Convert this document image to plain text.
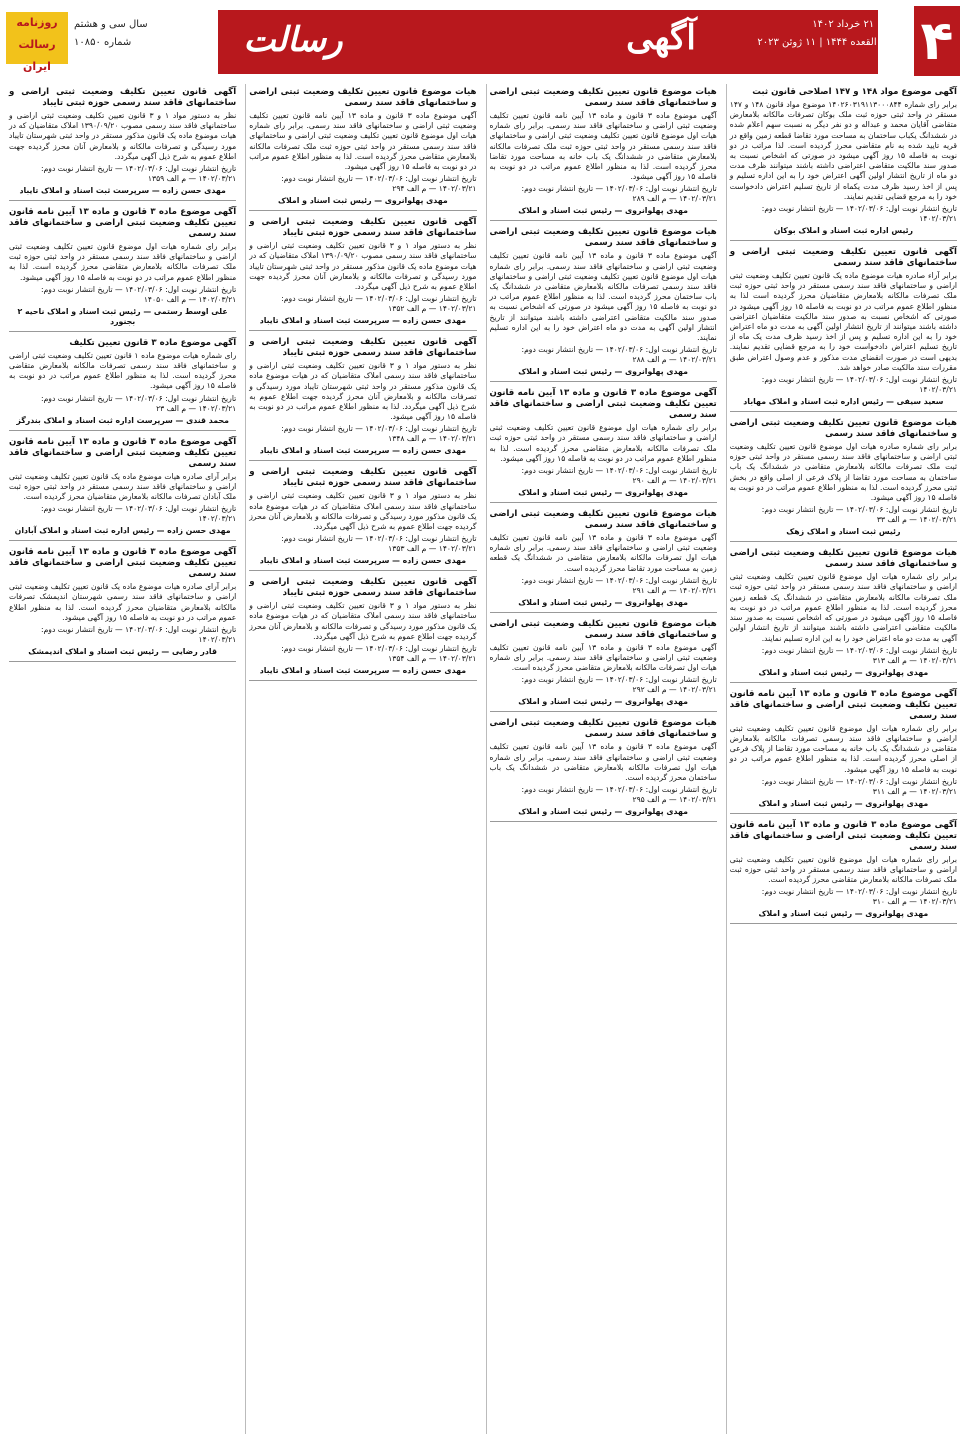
۴
آگهی
رسالت	یکشنبه ۲۱ خرداد ۱۴۰۲
۲۲ ذی القعده ۱۴۴۴ | ۱۱ ژوئن ۲۰۲۳
روزنامه رسالت ایران
سال سی و هشتم
شماره ۱۰۸۵۰
آگهی موضوع مواد ۱۴۸ و ۱۴۷ اصلاحی قانون ثبت
برابر رای شماره ۱۴۰۲۶۰۳۱۹۱۱۳۰۰۰۸۴۴ موضوع مواد قانون ۱۴۸ و ۱۴۷ مستقر در واحد ثبتی حوزه ثبت ملک بوکان تصرفات مالکانه بلامعارض متقاضی آقایان محمد و عبداله و دو نفر دیگر به نسبت سهم اعلام شده در ششدانگ یکباب ساختمان به مساحت مورد تقاضا قطعه زمین واقع در قریه تایید شده به نام متقاضی محرز گردیده است. لذا مراتب در دو نوبت به فاصله ۱۵ روز آگهی میشود در صورتی که اشخاص نسبت به صدور سند مالکیت متقاضی اعتراضی داشته باشند میتوانند ظرف مدت دو ماه از تاریخ انتشار اولین آگهی اعتراض خود را به این اداره تسلیم و پس از اخذ رسید ظرف مدت یکماه از تاریخ تسلیم اعتراض دادخواست خود را به مرجع قضایی تقدیم نمایند.
تاریخ انتشار نوبت اول: ۱۴۰۲/۰۳/۰۶ — تاریخ انتشار نوبت دوم: ۱۴۰۲/۰۳/۲۱
رئیس اداره ثبت اسناد و املاک بوکان
آگهی قانون تعیین تکلیف وضعیت ثبتی اراضی و ساختمانهای فاقد سند رسمی
برابر آراء صادره هیات موضوع ماده یک قانون تعیین تکلیف وضعیت ثبتی اراضی و ساختمانهای فاقد سند رسمی مستقر در واحد ثبتی حوزه ثبت ملک تصرفات مالکانه بلامعارض متقاضیان محرز گردیده است لذا به منظور اطلاع عموم مراتب در دو نوبت به فاصله ۱۵ روز آگهی میشود در صورتی که اشخاص نسبت به صدور سند مالکیت متقاضیان اعتراضی داشته باشند میتوانند از تاریخ انتشار اولین آگهی به مدت دو ماه اعتراض خود را به این اداره تسلیم و پس از اخذ رسید ظرف مدت یک ماه از تاریخ تسلیم اعتراض دادخواست خود را به مرجع قضایی تقدیم نمایند. بدیهی است در صورت انقضای مدت مذکور و عدم وصول اعتراض طبق مقررات سند مالکیت صادر خواهد شد.
تاریخ انتشار نوبت اول: ۱۴۰۲/۰۳/۰۶ — تاریخ انتشار نوبت دوم: ۱۴۰۲/۰۳/۲۱
سعید سیفی — رئیس اداره ثبت اسناد و املاک مهاباد
هیات موضوع قانون تعیین تکلیف وضعیت ثبتی اراضی و ساختمانهای فاقد سند رسمی
برابر رای شماره صادره هیات اول موضوع قانون تعیین تکلیف وضعیت ثبتی اراضی و ساختمانهای فاقد سند رسمی مستقر در واحد ثبتی حوزه ثبت ملک تصرفات مالکانه بلامعارض متقاضی در ششدانگ یک باب ساختمان به مساحت مورد تقاضا از پلاک فرعی از اصلی واقع در بخش ثبتی محرز گردیده است. لذا به منظور اطلاع عموم مراتب در دو نوبت به فاصله ۱۵ روز آگهی میشود.
تاریخ انتشار نوبت اول: ۱۴۰۲/۰۳/۰۶ — تاریخ انتشار نوبت دوم: ۱۴۰۲/۰۳/۲۱ — م الف ۳۳
رئیس ثبت اسناد و املاک زهک
هیات موضوع قانون تعیین تکلیف وضعیت ثبتی اراضی و ساختمانهای فاقد سند رسمی
برابر رای شماره هیات اول موضوع قانون تعیین تکلیف وضعیت ثبتی اراضی و ساختمانهای فاقد سند رسمی مستقر در واحد ثبتی حوزه ثبت ملک تصرفات مالکانه بلامعارض متقاضی در ششدانگ یک قطعه زمین محرز گردیده است. لذا به منظور اطلاع عموم مراتب در دو نوبت به فاصله ۱۵ روز آگهی میشود در صورتی که اشخاص نسبت به صدور سند مالکیت متقاضی اعتراضی داشته باشند میتوانند از تاریخ انتشار اولین آگهی به مدت دو ماه اعتراض خود را به این اداره تسلیم نمایند.
تاریخ انتشار نوبت اول: ۱۴۰۲/۰۳/۰۶ — تاریخ انتشار نوبت دوم: ۱۴۰۲/۰۳/۲۱ — م الف ۳۱۳
مهدی پهلوانروی — رئیس ثبت اسناد و املاک
آگهی موضوع ماده ۳ قانون و ماده ۱۳ آیین نامه قانون تعیین تکلیف وضعیت ثبتی اراضی و ساختمانهای فاقد سند رسمی
برابر رای شماره هیات اول موضوع قانون تعیین تکلیف وضعیت ثبتی اراضی و ساختمانهای فاقد سند رسمی تصرفات مالکانه بلامعارض متقاضی در ششدانگ یک باب خانه به مساحت مورد تقاضا از پلاک فرعی از اصلی محرز گردیده است. لذا به منظور اطلاع عموم مراتب در دو نوبت به فاصله ۱۵ روز آگهی میشود.
تاریخ انتشار نوبت اول: ۱۴۰۲/۰۳/۰۶ — تاریخ انتشار نوبت دوم: ۱۴۰۲/۰۳/۲۱ — م الف ۳۱۱
مهدی پهلوانروی — رئیس ثبت اسناد و املاک
آگهی موضوع ماده ۳ قانون و ماده ۱۳ آیین نامه قانون تعیین تکلیف وضعیت ثبتی اراضی و ساختمانهای فاقد سند رسمی
برابر رای شماره هیات اول موضوع قانون تعیین تکلیف وضعیت ثبتی اراضی و ساختمانهای فاقد سند رسمی مستقر در واحد ثبتی حوزه ثبت ملک تصرفات مالکانه بلامعارض متقاضی محرز گردیده است.
تاریخ انتشار نوبت اول: ۱۴۰۲/۰۳/۰۶ — تاریخ انتشار نوبت دوم: ۱۴۰۲/۰۳/۲۱ — م الف ۳۱۰
مهدی پهلوانروی — رئیس ثبت اسناد و املاک
هیات موضوع قانون تعیین تکلیف وضعیت ثبتی اراضی و ساختمانهای فاقد سند رسمی
آگهی موضوع ماده ۳ قانون و ماده ۱۳ آیین نامه قانون تعیین تکلیف وضعیت ثبتی اراضی و ساختمانهای فاقد سند رسمی. برابر رای شماره هیات اول موضوع قانون تعیین تکلیف وضعیت ثبتی اراضی و ساختمانهای فاقد سند رسمی مستقر در واحد ثبتی حوزه ثبت ملک تصرفات مالکانه بلامعارض متقاضی در ششدانگ یک باب خانه به مساحت مورد تقاضا محرز گردیده است. لذا به منظور اطلاع عموم مراتب در دو نوبت به فاصله ۱۵ روز آگهی میشود.
تاریخ انتشار نوبت اول: ۱۴۰۲/۰۳/۰۶ — تاریخ انتشار نوبت دوم: ۱۴۰۲/۰۳/۲۱ — م الف ۲۸۹
مهدی پهلوانروی — رئیس ثبت اسناد و املاک
هیات موضوع قانون تعیین تکلیف وضعیت ثبتی اراضی و ساختمانهای فاقد سند رسمی
آگهی موضوع ماده ۳ قانون و ماده ۱۳ آیین نامه قانون تعیین تکلیف وضعیت ثبتی اراضی و ساختمانهای فاقد سند رسمی. برابر رای شماره هیات اول موضوع قانون تعیین تکلیف وضعیت ثبتی اراضی و ساختمانهای فاقد سند رسمی تصرفات مالکانه بلامعارض متقاضی در ششدانگ یک باب ساختمان محرز گردیده است. لذا به منظور اطلاع عموم مراتب در دو نوبت به فاصله ۱۵ روز آگهی میشود در صورتی که اشخاص نسبت به صدور سند مالکیت متقاضی اعتراضی داشته باشند میتوانند از تاریخ انتشار اولین آگهی به مدت دو ماه اعتراض خود را به این اداره تسلیم نمایند.
تاریخ انتشار نوبت اول: ۱۴۰۲/۰۳/۰۶ — تاریخ انتشار نوبت دوم: ۱۴۰۲/۰۳/۲۱ — م الف ۲۸۸
مهدی پهلوانروی — رئیس ثبت اسناد و املاک
آگهی موضوع ماده ۳ قانون و ماده ۱۳ آیین نامه قانون تعیین تکلیف وضعیت ثبتی اراضی و ساختمانهای فاقد سند رسمی
برابر رای شماره هیات اول موضوع قانون تعیین تکلیف وضعیت ثبتی اراضی و ساختمانهای فاقد سند رسمی مستقر در واحد ثبتی حوزه ثبت ملک تصرفات مالکانه بلامعارض متقاضی محرز گردیده است. لذا به منظور اطلاع عموم مراتب در دو نوبت به فاصله ۱۵ روز آگهی میشود.
تاریخ انتشار نوبت اول: ۱۴۰۲/۰۳/۰۶ — تاریخ انتشار نوبت دوم: ۱۴۰۲/۰۳/۲۱ — م الف ۲۹۰
مهدی پهلوانروی — رئیس ثبت اسناد و املاک
هیات موضوع قانون تعیین تکلیف وضعیت ثبتی اراضی و ساختمانهای فاقد سند رسمی
آگهی موضوع ماده ۳ قانون و ماده ۱۳ آیین نامه قانون تعیین تکلیف وضعیت ثبتی اراضی و ساختمانهای فاقد سند رسمی. برابر رای شماره هیات اول تصرفات مالکانه بلامعارض متقاضی در ششدانگ یک قطعه زمین به مساحت مورد تقاضا محرز گردیده است.
تاریخ انتشار نوبت اول: ۱۴۰۲/۰۳/۰۶ — تاریخ انتشار نوبت دوم: ۱۴۰۲/۰۳/۲۱ — م الف ۲۹۱
مهدی پهلوانروی — رئیس ثبت اسناد و املاک
هیات موضوع قانون تعیین تکلیف وضعیت ثبتی اراضی و ساختمانهای فاقد سند رسمی
آگهی موضوع ماده ۳ قانون و ماده ۱۳ آیین نامه قانون تعیین تکلیف وضعیت ثبتی اراضی و ساختمانهای فاقد سند رسمی. برابر رای شماره هیات اول تصرفات مالکانه بلامعارض متقاضی محرز گردیده است.
تاریخ انتشار نوبت اول: ۱۴۰۲/۰۳/۰۶ — تاریخ انتشار نوبت دوم: ۱۴۰۲/۰۳/۲۱ — م الف ۲۹۲
مهدی پهلوانروی — رئیس ثبت اسناد و املاک
هیات موضوع قانون تعیین تکلیف وضعیت ثبتی اراضی و ساختمانهای فاقد سند رسمی
آگهی موضوع ماده ۳ قانون و ماده ۱۳ آیین نامه قانون تعیین تکلیف وضعیت ثبتی اراضی و ساختمانهای فاقد سند رسمی. برابر رای شماره هیات اول تصرفات مالکانه بلامعارض متقاضی در ششدانگ یک باب ساختمان محرز گردیده است.
تاریخ انتشار نوبت اول: ۱۴۰۲/۰۳/۰۶ — تاریخ انتشار نوبت دوم: ۱۴۰۲/۰۳/۲۱ — م الف ۲۹۵
مهدی پهلوانروی — رئیس ثبت اسناد و املاک
هیات موضوع قانون تعیین تکلیف وضعیت ثبتی اراضی و ساختمانهای فاقد سند رسمی
آگهی موضوع ماده ۳ قانون و ماده ۱۳ آیین نامه قانون تعیین تکلیف وضعیت ثبتی اراضی و ساختمانهای فاقد سند رسمی. برابر رای شماره هیات اول موضوع قانون تعیین تکلیف وضعیت ثبتی اراضی و ساختمانهای فاقد سند رسمی مستقر در واحد ثبتی حوزه ثبت ملک تصرفات مالکانه بلامعارض متقاضی محرز گردیده است. لذا به منظور اطلاع عموم مراتب در دو نوبت به فاصله ۱۵ روز آگهی میشود.
تاریخ انتشار نوبت اول: ۱۴۰۲/۰۳/۰۶ — تاریخ انتشار نوبت دوم: ۱۴۰۲/۰۳/۲۱ — م الف ۲۹۴
مهدی پهلوانروی — رئیس ثبت اسناد و املاک
آگهی قانون تعیین تکلیف وضعیت ثبتی اراضی و ساختمانهای فاقد سند رسمی حوزه ثبتی تایباد
نظر به دستور مواد ۱ و ۳ قانون تعیین تکلیف وضعیت ثبتی اراضی و ساختمانهای فاقد سند رسمی مصوب ۱۳۹۰/۰۹/۲۰ املاک متقاضیان که در هیات موضوع ماده یک قانون مذکور مستقر در واحد ثبتی شهرستان تایباد مورد رسیدگی و تصرفات مالکانه و بلامعارض آنان محرز گردیده جهت اطلاع عموم به شرح ذیل آگهی میگردد.
تاریخ انتشار نوبت اول: ۱۴۰۲/۰۳/۰۶ — تاریخ انتشار نوبت دوم: ۱۴۰۲/۰۳/۲۱ — م الف ۱۳۵۲
مهدی حسن زاده — سرپرست ثبت اسناد و املاک تایباد
آگهی قانون تعیین تکلیف وضعیت ثبتی اراضی و ساختمانهای فاقد سند رسمی حوزه ثبتی تایباد
نظر به دستور مواد ۱ و ۳ قانون تعیین تکلیف وضعیت ثبتی اراضی و ساختمانهای فاقد سند رسمی املاک متقاضیان که در هیات موضوع ماده یک قانون مذکور مستقر در واحد ثبتی شهرستان تایباد مورد رسیدگی و تصرفات مالکانه و بلامعارض آنان محرز گردیده جهت اطلاع عموم به شرح ذیل آگهی میگردد. لذا به منظور اطلاع عموم مراتب در دو نوبت به فاصله ۱۵ روز آگهی میشود.
تاریخ انتشار نوبت اول: ۱۴۰۲/۰۳/۰۶ — تاریخ انتشار نوبت دوم: ۱۴۰۲/۰۳/۲۱ — م الف ۱۳۴۸
مهدی حسن زاده — سرپرست ثبت اسناد و املاک تایباد
آگهی قانون تعیین تکلیف وضعیت ثبتی اراضی و ساختمانهای فاقد سند رسمی حوزه ثبتی تایباد
نظر به دستور مواد ۱ و ۳ قانون تعیین تکلیف وضعیت ثبتی اراضی و ساختمانهای فاقد سند رسمی املاک متقاضیان که در هیات موضوع ماده یک قانون مذکور مورد رسیدگی و تصرفات مالکانه و بلامعارض آنان محرز گردیده جهت اطلاع عموم به شرح ذیل آگهی میگردد.
تاریخ انتشار نوبت اول: ۱۴۰۲/۰۳/۰۶ — تاریخ انتشار نوبت دوم: ۱۴۰۲/۰۳/۲۱ — م الف ۱۳۵۳
مهدی حسن زاده — سرپرست ثبت اسناد و املاک تایباد
آگهی قانون تعیین تکلیف وضعیت ثبتی اراضی و ساختمانهای فاقد سند رسمی حوزه ثبتی تایباد
نظر به دستور مواد ۱ و ۳ قانون تعیین تکلیف وضعیت ثبتی اراضی و ساختمانهای فاقد سند رسمی املاک متقاضیان که در هیات موضوع ماده یک قانون مذکور مورد رسیدگی و تصرفات مالکانه و بلامعارض آنان محرز گردیده جهت اطلاع عموم به شرح ذیل آگهی میگردد.
تاریخ انتشار نوبت اول: ۱۴۰۲/۰۳/۰۶ — تاریخ انتشار نوبت دوم: ۱۴۰۲/۰۳/۲۱ — م الف ۱۳۵۴
مهدی حسن زاده — سرپرست ثبت اسناد و املاک تایباد
آگهی قانون تعیین تکلیف وضعیت ثبتی اراضی و ساختمانهای فاقد سند رسمی حوزه ثبتی تایباد
نظر به دستور مواد ۱ و ۳ قانون تعیین تکلیف وضعیت ثبتی اراضی و ساختمانهای فاقد سند رسمی مصوب ۱۳۹۰/۰۹/۲۰ املاک متقاضیان که در هیات موضوع ماده یک قانون مذکور مستقر در واحد ثبتی شهرستان تایباد مورد رسیدگی و تصرفات مالکانه و بلامعارض آنان محرز گردیده جهت اطلاع عموم به شرح ذیل آگهی میگردد.
تاریخ انتشار نوبت اول: ۱۴۰۲/۰۳/۰۶ — تاریخ انتشار نوبت دوم: ۱۴۰۲/۰۳/۲۱ — م الف ۱۳۵۹
مهدی حسن زاده — سرپرست ثبت اسناد و املاک تایباد
آگهی موضوع ماده ۳ قانون و ماده ۱۳ آیین نامه قانون تعیین تکلیف وضعیت ثبتی اراضی و ساختمانهای فاقد سند رسمی
برابر رای شماره هیات اول موضوع قانون تعیین تکلیف وضعیت ثبتی اراضی و ساختمانهای فاقد سند رسمی مستقر در واحد ثبتی حوزه ثبت ملک تصرفات مالکانه بلامعارض متقاضی محرز گردیده است. لذا به منظور اطلاع عموم مراتب در دو نوبت به فاصله ۱۵ روز آگهی میشود.
تاریخ انتشار نوبت اول: ۱۴۰۲/۰۳/۰۶ — تاریخ انتشار نوبت دوم: ۱۴۰۲/۰۳/۲۱ — م الف ۱۴۰۵۰
علی اوسط رستمی — رئیس ثبت اسناد و املاک ناحیه ۲ بجنورد
آگهی موضوع ماده ۳ قانون تعیین تکلیف
رای شماره هیات موضوع ماده ۱ قانون تعیین تکلیف وضعیت ثبتی اراضی و ساختمانهای فاقد سند رسمی تصرفات مالکانه بلامعارض متقاضی محرز گردیده است. لذا به منظور اطلاع عموم مراتب در دو نوبت به فاصله ۱۵ روز آگهی میشود.
تاریخ انتشار نوبت اول: ۱۴۰۲/۰۳/۰۶ — تاریخ انتشار نوبت دوم: ۱۴۰۲/۰۳/۲۱ — م الف ۲۳
محمد قندی — سرپرست اداره ثبت اسناد و املاک بندرگز
آگهی موضوع ماده ۳ قانون و ماده ۱۳ آیین نامه قانون تعیین تکلیف وضعیت ثبتی اراضی و ساختمانهای فاقد سند رسمی
برابر آرای صادره هیات موضوع ماده یک قانون تعیین تکلیف وضعیت ثبتی اراضی و ساختمانهای فاقد سند رسمی مستقر در واحد ثبتی حوزه ثبت ملک آبادان تصرفات مالکانه بلامعارض متقاضیان محرز گردیده است.
تاریخ انتشار نوبت اول: ۱۴۰۲/۰۳/۰۶ — تاریخ انتشار نوبت دوم: ۱۴۰۲/۰۳/۲۱
مهدی حسن زاده — رئیس اداره ثبت اسناد و املاک آبادان
آگهی موضوع ماده ۳ قانون و ماده ۱۳ آیین نامه قانون تعیین تکلیف وضعیت ثبتی اراضی و ساختمانهای فاقد سند رسمی
برابر آرای صادره هیات موضوع ماده یک قانون تعیین تکلیف وضعیت ثبتی اراضی و ساختمانهای فاقد سند رسمی شهرستان اندیمشک تصرفات مالکانه بلامعارض متقاضیان محرز گردیده است. لذا به منظور اطلاع عموم مراتب در دو نوبت به فاصله ۱۵ روز آگهی میشود.
تاریخ انتشار نوبت اول: ۱۴۰۲/۰۳/۰۶ — تاریخ انتشار نوبت دوم: ۱۴۰۲/۰۳/۲۱
قادر رضایی — رئیس ثبت اسناد و املاک اندیمشک
